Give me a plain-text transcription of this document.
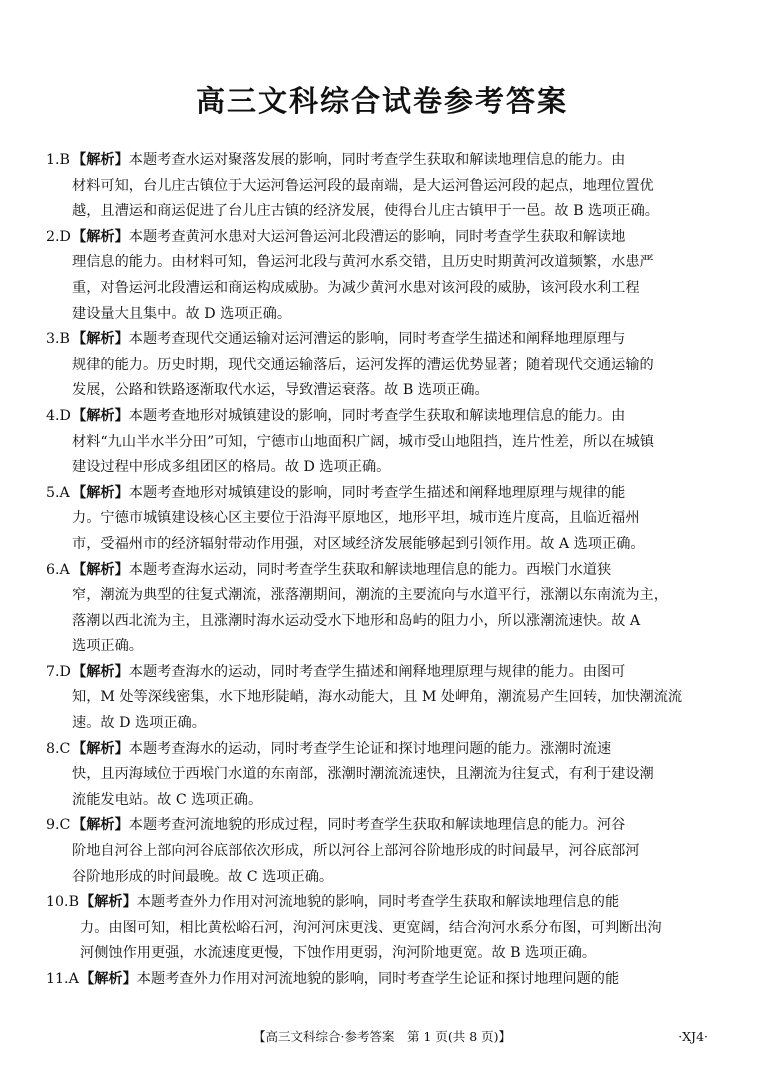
高三文科综合试卷参考答案
1.B 【解析】本题考查水运对聚落发展的影响，同时考查学生获取和解读地理信息的能力。由
材料可知，台儿庄古镇位于大运河鲁运河段的最南端，是大运河鲁运河段的起点，地理位置优
越，且漕运和商运促进了台儿庄古镇的经济发展，使得台儿庄古镇甲于一邑。故 B 选项正确。
2.D【解析】本题考查黄河水患对大运河鲁运河北段漕运的影响，同时考查学生获取和解读地
理信息的能力。由材料可知，鲁运河北段与黄河水系交错，且历史时期黄河改道频繁，水患严
重，对鲁运河北段漕运和商运构成威胁。为减少黄河水患对该河段的威胁，该河段水利工程
建设量大且集中。故 D 选项正确。
3.B 【解析】本题考查现代交通运输对运河漕运的影响，同时考查学生描述和阐释地理原理与
规律的能力。历史时期，现代交通运输落后，运河发挥的漕运优势显著；随着现代交通运输的
发展，公路和铁路逐渐取代水运，导致漕运衰落。故 B 选项正确。
4.D【解析】本题考查地形对城镇建设的影响，同时考查学生获取和解读地理信息的能力。由
材料“九山半水半分田”可知，宁德市山地面积广阔，城市受山地阻挡，连片性差，所以在城镇
建设过程中形成多组团区的格局。故 D 选项正确。
5.A 【解析】本题考查地形对城镇建设的影响，同时考查学生描述和阐释地理原理与规律的能
力。宁德市城镇建设核心区主要位于沿海平原地区，地形平坦，城市连片度高，且临近福州
市，受福州市的经济辐射带动作用强，对区域经济发展能够起到引领作用。故 A 选项正确。
6.A 【解析】本题考查海水运动，同时考查学生获取和解读地理信息的能力。西堠门水道狭
窄，潮流为典型的往复式潮流，涨落潮期间，潮流的主要流向与水道平行，涨潮以东南流为主，
落潮以西北流为主，且涨潮时海水运动受水下地形和岛屿的阻力小，所以涨潮流速快。故 A
选项正确。
7.D【解析】本题考查海水的运动，同时考查学生描述和阐释地理原理与规律的能力。由图可
知，M 处等深线密集，水下地形陡峭，海水动能大，且 M 处岬角，潮流易产生回转，加快潮流流
速。故 D 选项正确。
8.C 【解析】本题考查海水的运动，同时考查学生论证和探讨地理问题的能力。涨潮时流速
快，且丙海域位于西堠门水道的东南部，涨潮时潮流流速快，且潮流为往复式，有利于建设潮
流能发电站。故 C 选项正确。
9.C 【解析】本题考查河流地貌的形成过程，同时考查学生获取和解读地理信息的能力。河谷
阶地自河谷上部向河谷底部依次形成，所以河谷上部河谷阶地形成的时间最早，河谷底部河
谷阶地形成的时间最晚。故 C 选项正确。
10.B【解析】本题考查外力作用对河流地貌的影响，同时考查学生获取和解读地理信息的能
力。由图可知，相比黄松峪石河，泃河河床更浅、更宽阔，结合泃河水系分布图，可判断出泃
河侧蚀作用更强，水流速度更慢，下蚀作用更弱，泃河阶地更宽。故 B 选项正确。
11.A【解析】本题考查外力作用对河流地貌的影响，同时考查学生论证和探讨地理问题的能
【高三文科综合·参考答案　第 1 页(共 8 页)】	·XJ4·
